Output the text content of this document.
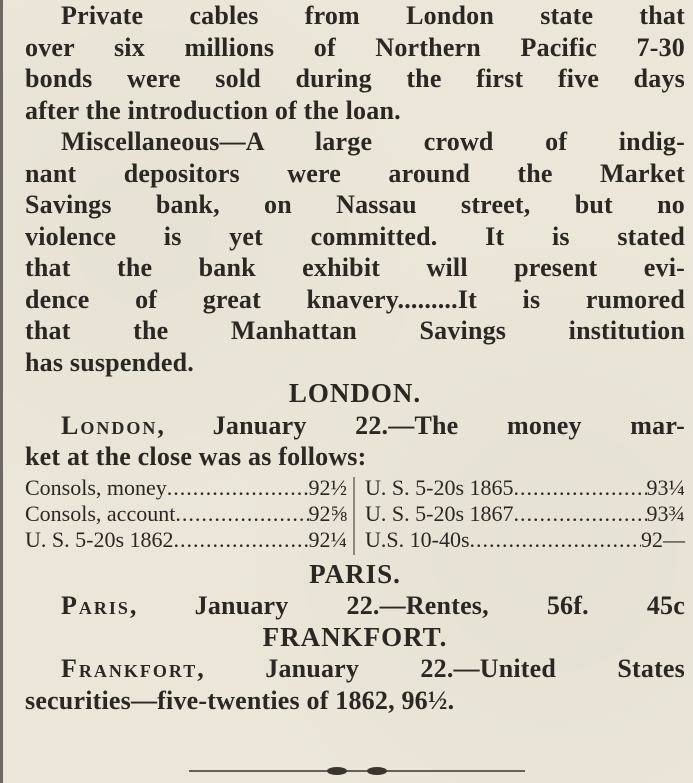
Private cables from London state that
over six millions of Northern Pacific 7-30
bonds were sold during the first five days
after the introduction of the loan.
Miscellaneous—A large crowd of indig-
nant depositors were around the Market
Savings bank, on Nassau street, but no
violence is yet committed. It is stated
that the bank exhibit will present evi-
dence of great knavery.........It is rumored
that the Manhattan Savings institution
has suspended.
LONDON.
London, January 22.—The money mar-
ket at the close was as follows:
Consols, money .....	92½
Consols, account .....	92⅝
U. S. 5-20s 1862 .....	92¼
U. S. 5-20s 1865 .....	93¼
U. S. 5-20s 1867 .....	93¾
U.S. 10-40s .....	92—
PARIS.
Paris, January 22.—Rentes, 56f. 45c
FRANKFORT.
Frankfort, January 22.—United States
securities—five-twenties of 1862, 96½.
